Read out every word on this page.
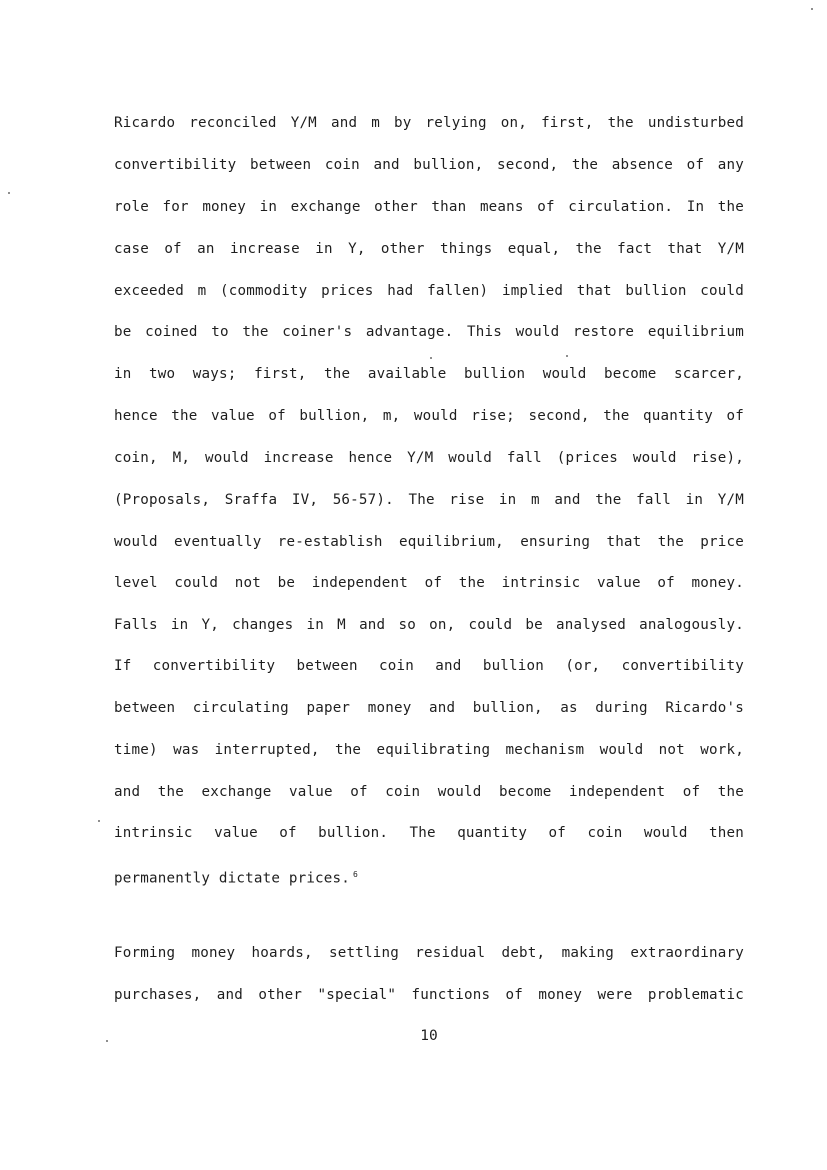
Ricardo reconciled Y/M and m by relying on, first, the undisturbed
convertibility between coin and bullion, second, the absence of any
role for money in exchange other than means of circulation. In the
case of an increase in Y, other things equal, the fact that Y/M
exceeded m (commodity prices had fallen) implied that bullion could
be coined to the coiner's advantage. This would restore equilibrium
in two ways; first, the available bullion would become scarcer,
hence the value of bullion, m, would rise; second, the quantity of
coin, M, would increase hence Y/M would fall (prices would rise),
(Proposals, Sraffa IV, 56-57). The rise in m and the fall in Y/M
would eventually re-establish equilibrium, ensuring that the price
level could not be independent of the intrinsic value of money.
Falls in Y, changes in M and so on, could be analysed analogously.
If convertibility between coin and bullion (or, convertibility
between circulating paper money and bullion, as during Ricardo's
time) was interrupted, the equilibrating mechanism would not work,
and the exchange value of coin would become independent of the
intrinsic value of bullion. The quantity of coin would then
permanently dictate prices. $^6$
Forming money hoards, settling residual debt, making extraordinary
purchases, and other "special" functions of money were problematic
10
